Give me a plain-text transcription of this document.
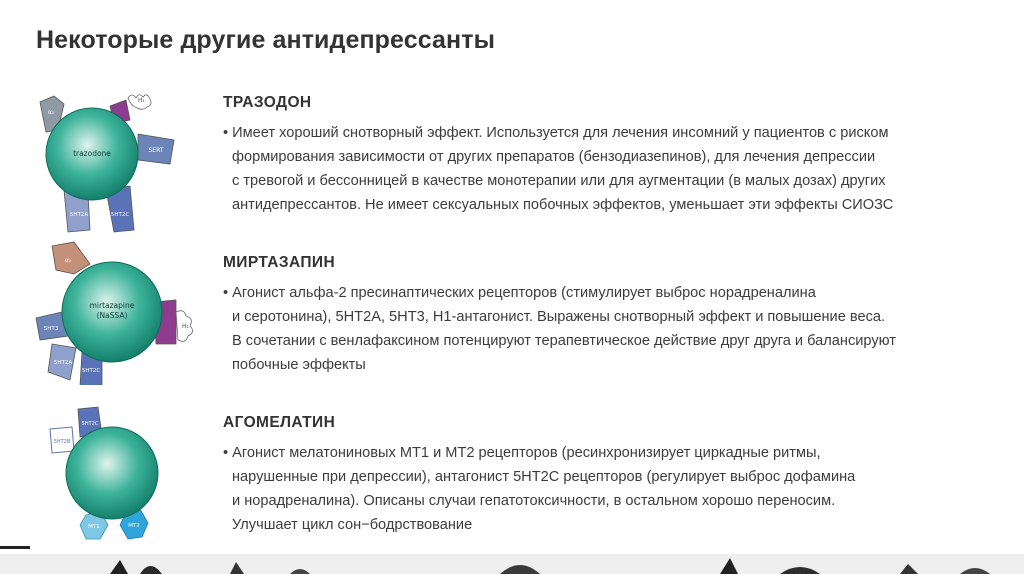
Некоторые другие антидепрессанты
α₁
H₁
SERT
5HT2C
5HT2A
trazodone
α₂
H₁
5HT3
5HT2A
5HT2C
mirtazapine
(NaSSA)
5HT2C
5HT2B
MT1	MT2
ТРАЗОДОН
• Имеет хороший снотворный эффект. Используется для лечения инсомний у пациентов с риском
формирования зависимости от других препаратов (бензодиазепинов), для лечения депрессии
с тревогой и бессонницей в качестве монотерапии или для аугментации (в малых дозах) других
антидепрессантов. Не имеет сексуальных побочных эффектов, уменьшает эти эффекты СИОЗС
МИРТАЗАПИН
• Агонист альфа-2 пресинаптических рецепторов (стимулирует выброс норадреналина
и серотонина), 5HT2A, 5HT3, H1-антагонист. Выражены снотворный эффект и повышение веса.
В сочетании с венлафаксином потенцируют терапевтическое действие друг друга и балансируют
побочные эффекты
АГОМЕЛАТИН
• Агонист мелатониновых МТ1 и МТ2 рецепторов (ресинхронизирует циркадные ритмы,
нарушенные при депрессии), антагонист 5НТ2С рецепторов (регулирует выброс дофамина
и норадреналина). Описаны случаи гепатотоксичности, в остальном хорошо переносим.
Улучшает цикл сон−бодрствование
